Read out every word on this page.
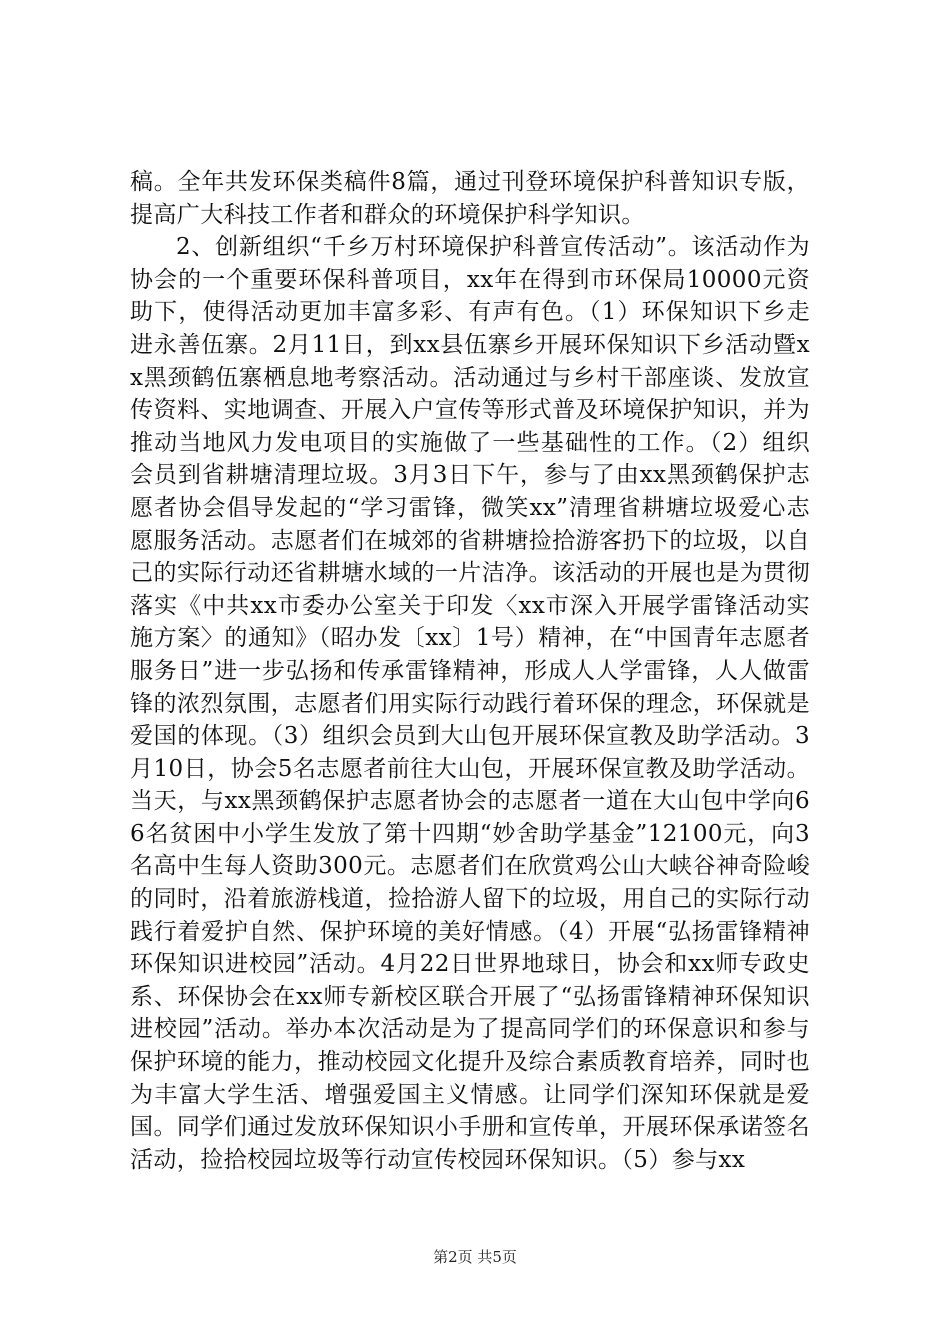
稿。全年共发环保类稿件8篇，通过刊登环境保护科普知识专版，提高广大科技工作者和群众的环境保护科学知识。

2、创新组织“千乡万村环境保护科普宣传活动”。该活动作为协会的一个重要环保科普项目，xx年在得到市环保局10000元资助下，使得活动更加丰富多彩、有声有色。（1）环保知识下乡走进永善伍寨。2月11日，到xx县伍寨乡开展环保知识下乡活动暨xx黑颈鹤伍寨栖息地考察活动。活动通过与乡村干部座谈、发放宣传资料、实地调查、开展入户宣传等形式普及环境保护知识，并为推动当地风力发电项目的实施做了一些基础性的工作。（2）组织会员到省耕塘清理垃圾。3月3日下午，参与了由xx黑颈鹤保护志愿者协会倡导发起的“学习雷锋，微笑xx”清理省耕塘垃圾爱心志愿服务活动。志愿者们在城郊的省耕塘捡拾游客扔下的垃圾，以自己的实际行动还省耕塘水域的一片洁净。该活动的开展也是为贯彻落实《中共xx市委办公室关于印发〈xx市深入开展学雷锋活动实施方案〉的通知》（昭办发〔xx〕1号）精神，在“中国青年志愿者服务日”进一步弘扬和传承雷锋精神，形成人人学雷锋，人人做雷锋的浓烈氛围，志愿者们用实际行动践行着环保的理念，环保就是爱国的体现。（3）组织会员到大山包开展环保宣教及助学活动。3月10日，协会5名志愿者前往大山包，开展环保宣教及助学活动。当天，与xx黑颈鹤保护志愿者协会的志愿者一道在大山包中学向66名贫困中小学生发放了第十四期“妙舍助学基金”12100元，向3名高中生每人资助300元。志愿者们在欣赏鸡公山大峡谷神奇险峻的同时，沿着旅游栈道，捡拾游人留下的垃圾，用自己的实际行动践行着爱护自然、保护环境的美好情感。（4）开展“弘扬雷锋精神环保知识进校园”活动。4月22日世界地球日，协会和xx师专政史系、环保协会在xx师专新校区联合开展了“弘扬雷锋精神环保知识进校园”活动。举办本次活动是为了提高同学们的环保意识和参与保护环境的能力，推动校园文化提升及综合素质教育培养，同时也为丰富大学生活、增强爱国主义情感。让同学们深知环保就是爱国。同学们通过发放环保知识小手册和宣传单，开展环保承诺签名活动，捡拾校园垃圾等行动宣传校园环保知识。（5）参与xx

第2页 共5页
